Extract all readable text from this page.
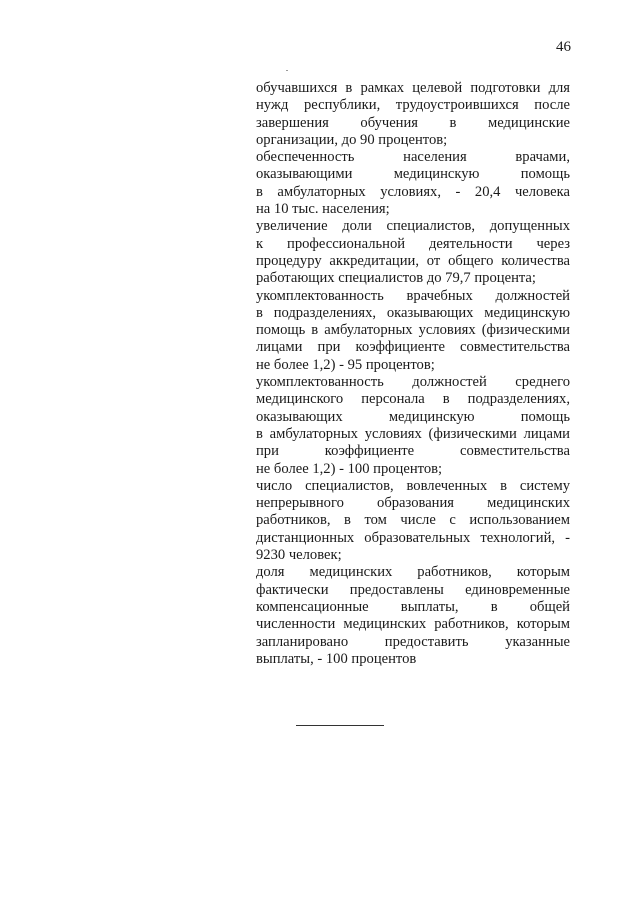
46
обучавшихся в рамках целевой подготовки для
нужд республики, трудоустроившихся после
завершения обучения в медицинские
организации, до 90 процентов;
обеспеченность населения врачами,
оказывающими медицинскую помощь
в амбулаторных условиях, - 20,4 человека
на 10 тыс. населения;
увеличение доли специалистов, допущенных
к профессиональной деятельности через
процедуру аккредитации, от общего количества
работающих специалистов до 79,7 процента;
укомплектованность врачебных должностей
в подразделениях, оказывающих медицинскую
помощь в амбулаторных условиях (физическими
лицами при коэффициенте совместительства
не более 1,2) - 95 процентов;
укомплектованность должностей среднего
медицинского персонала в подразделениях,
оказывающих медицинскую помощь
в амбулаторных условиях (физическими лицами
при коэффициенте совместительства
не более 1,2) - 100 процентов;
число специалистов, вовлеченных в систему
непрерывного образования медицинских
работников, в том числе с использованием
дистанционных образовательных технологий, -
9230 человек;
доля медицинских работников, которым
фактически предоставлены единовременные
компенсационные выплаты, в общей
численности медицинских работников, которым
запланировано предоставить указанные
выплаты, - 100 процентов
